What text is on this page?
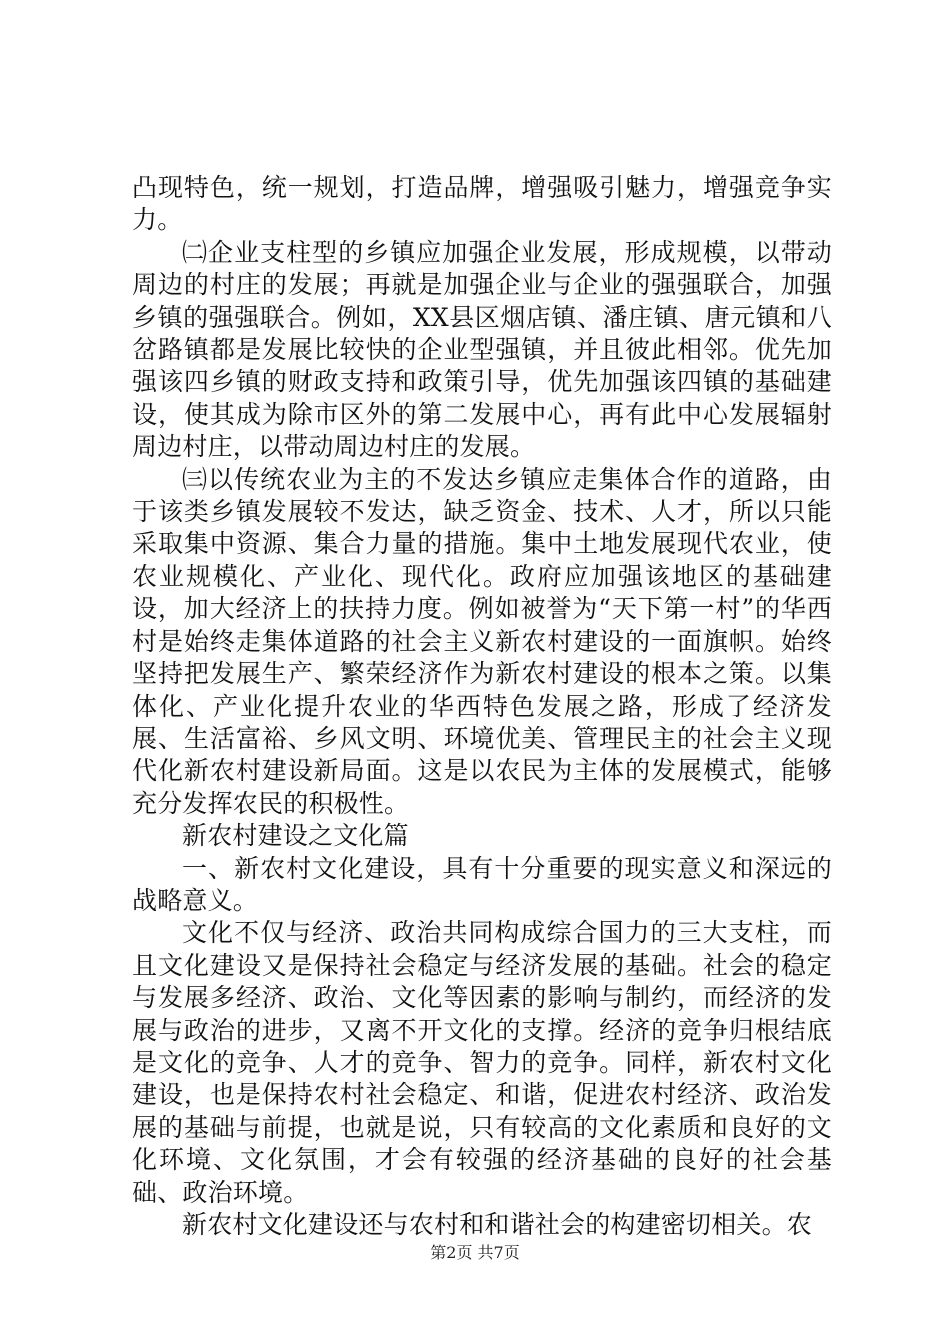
凸现特色，统一规划，打造品牌，增强吸引魅力，增强竞争实力。

㈡企业支柱型的乡镇应加强企业发展，形成规模，以带动周边的村庄的发展；再就是加强企业与企业的强强联合，加强乡镇的强强联合。例如，XX县区烟店镇、潘庄镇、唐元镇和八岔路镇都是发展比较快的企业型强镇，并且彼此相邻。优先加强该四乡镇的财政支持和政策引导，优先加强该四镇的基础建设，使其成为除市区外的第二发展中心，再有此中心发展辐射周边村庄，以带动周边村庄的发展。

㈢以传统农业为主的不发达乡镇应走集体合作的道路，由于该类乡镇发展较不发达，缺乏资金、技术、人才，所以只能采取集中资源、集合力量的措施。集中土地发展现代农业，使农业规模化、产业化、现代化。政府应加强该地区的基础建设，加大经济上的扶持力度。例如被誉为“天下第一村”的华西村是始终走集体道路的社会主义新农村建设的一面旗帜。始终坚持把发展生产、繁荣经济作为新农村建设的根本之策。以集体化、产业化提升农业的华西特色发展之路，形成了经济发展、生活富裕、乡风文明、环境优美、管理民主的社会主义现代化新农村建设新局面。这是以农民为主体的发展模式，能够充分发挥农民的积极性。

新农村建设之文化篇

一、新农村文化建设，具有十分重要的现实意义和深远的战略意义。

文化不仅与经济、政治共同构成综合国力的三大支柱，而且文化建设又是保持社会稳定与经济发展的基础。社会的稳定与发展多经济、政治、文化等因素的影响与制约，而经济的发展与政治的进步，又离不开文化的支撑。经济的竞争归根结底是文化的竞争、人才的竞争、智力的竞争。同样，新农村文化建设，也是保持农村社会稳定、和谐，促进农村经济、政治发展的基础与前提，也就是说，只有较高的文化素质和良好的文化环境、文化氛围，才会有较强的经济基础的良好的社会基础、政治环境。

新农村文化建设还与农村和和谐社会的构建密切相关。农

第2页 共7页
